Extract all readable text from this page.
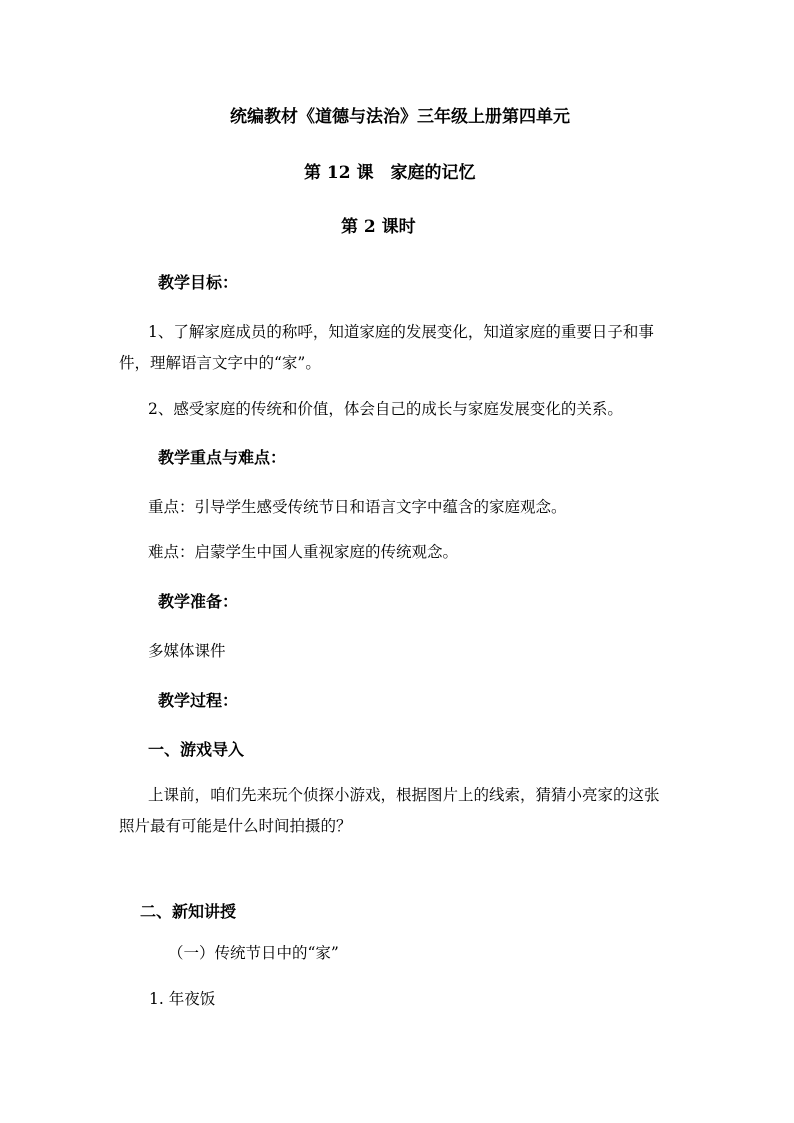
统编教材《道德与法治》三年级上册第四单元
第 12 课　家庭的记忆
第 2 课时
教学目标：
1、了解家庭成员的称呼，知道家庭的发展变化，知道家庭的重要日子和事
件，理解语言文字中的“家”。
2、感受家庭的传统和价值，体会自己的成长与家庭发展变化的关系。
教学重点与难点：
重点：引导学生感受传统节日和语言文字中蕴含的家庭观念。
难点：启蒙学生中国人重视家庭的传统观念。
教学准备：
多媒体课件
教学过程：
一、游戏导入
上课前，咱们先来玩个侦探小游戏，根据图片上的线索，猜猜小亮家的这张
照片最有可能是什么时间拍摄的？
二、新知讲授
（一）传统节日中的“家”
1. 年夜饭
